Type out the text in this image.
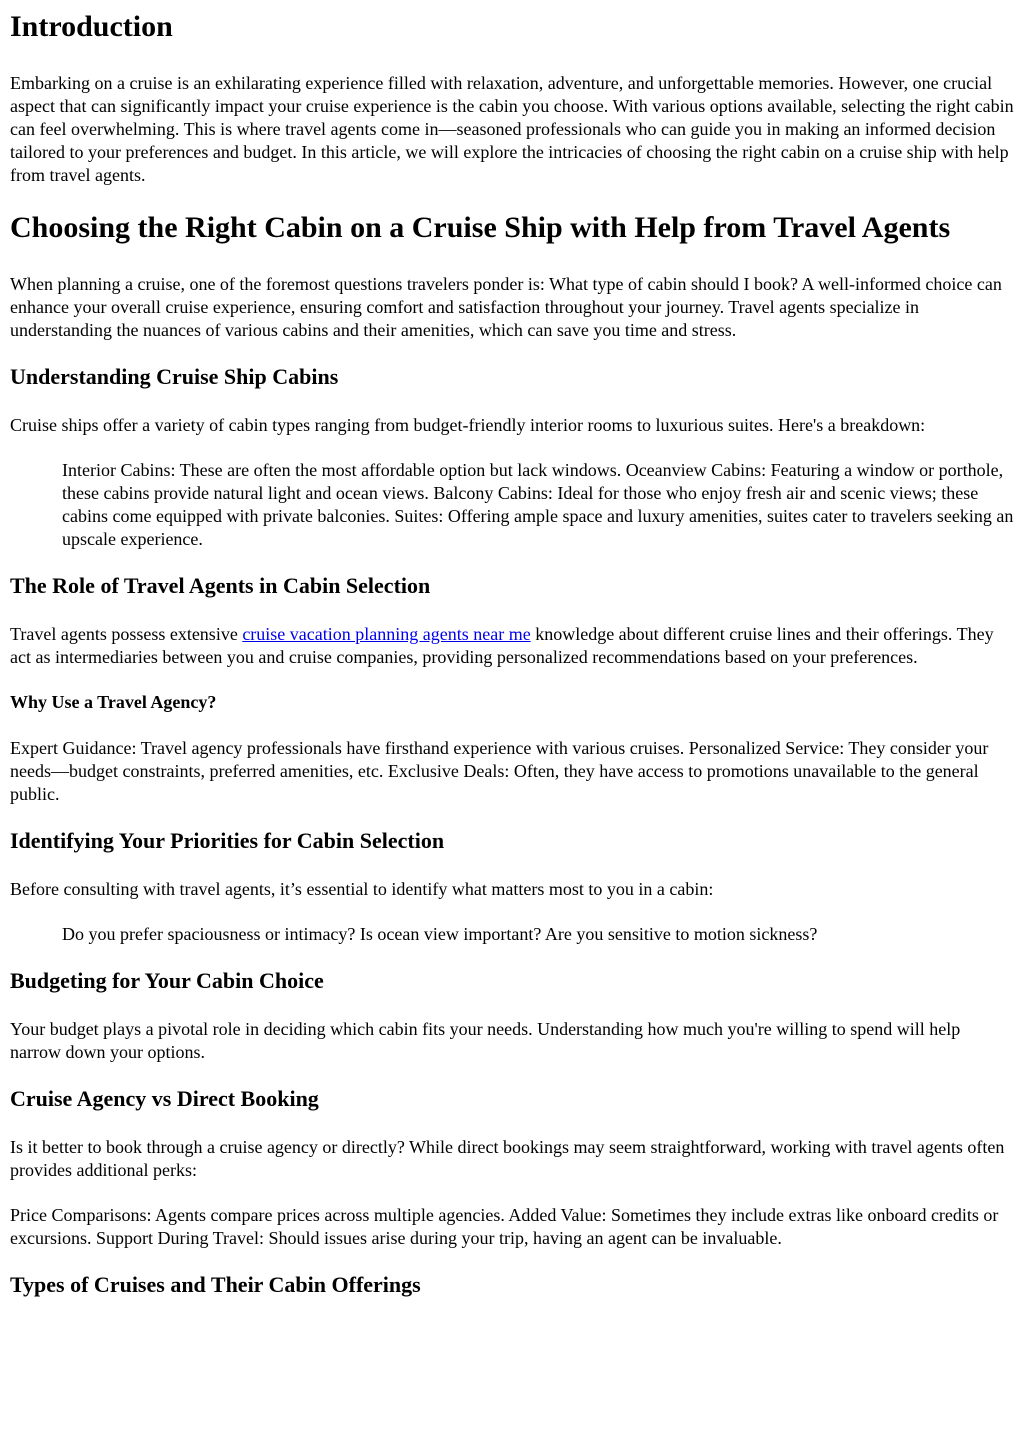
Introduction

Embarking on a cruise is an exhilarating experience filled with relaxation, adventure, and unforgettable memories. However, one crucial aspect that can significantly impact your cruise experience is the cabin you choose. With various options available, selecting the right cabin can feel overwhelming. This is where travel agents come in—seasoned professionals who can guide you in making an informed decision tailored to your preferences and budget. In this article, we will explore the intricacies of choosing the right cabin on a cruise ship with help from travel agents.

Choosing the Right Cabin on a Cruise Ship with Help from Travel Agents

When planning a cruise, one of the foremost questions travelers ponder is: What type of cabin should I book? A well-informed choice can enhance your overall cruise experience, ensuring comfort and satisfaction throughout your journey. Travel agents specialize in understanding the nuances of various cabins and their amenities, which can save you time and stress.

Understanding Cruise Ship Cabins

Cruise ships offer a variety of cabin types ranging from budget-friendly interior rooms to luxurious suites. Here's a breakdown:

Interior Cabins: These are often the most affordable option but lack windows. Oceanview Cabins: Featuring a window or porthole, these cabins provide natural light and ocean views. Balcony Cabins: Ideal for those who enjoy fresh air and scenic views; these cabins come equipped with private balconies. Suites: Offering ample space and luxury amenities, suites cater to travelers seeking an upscale experience.
The Role of Travel Agents in Cabin Selection

Travel agents possess extensive cruise vacation planning agents near me knowledge about different cruise lines and their offerings. They act as intermediaries between you and cruise companies, providing personalized recommendations based on your preferences.

Why Use a Travel Agency?

Expert Guidance: Travel agency professionals have firsthand experience with various cruises. Personalized Service: They consider your needs—budget constraints, preferred amenities, etc. Exclusive Deals: Often, they have access to promotions unavailable to the general public.

Identifying Your Priorities for Cabin Selection

Before consulting with travel agents, it’s essential to identify what matters most to you in a cabin:

Do you prefer spaciousness or intimacy? Is ocean view important? Are you sensitive to motion sickness?
Budgeting for Your Cabin Choice

Your budget plays a pivotal role in deciding which cabin fits your needs. Understanding how much you're willing to spend will help narrow down your options.

Cruise Agency vs Direct Booking

Is it better to book through a cruise agency or directly? While direct bookings may seem straightforward, working with travel agents often provides additional perks:

Price Comparisons: Agents compare prices across multiple agencies. Added Value: Sometimes they include extras like onboard credits or excursions. Support During Travel: Should issues arise during your trip, having an agent can be invaluable.

Types of Cruises and Their Cabin Offerings
